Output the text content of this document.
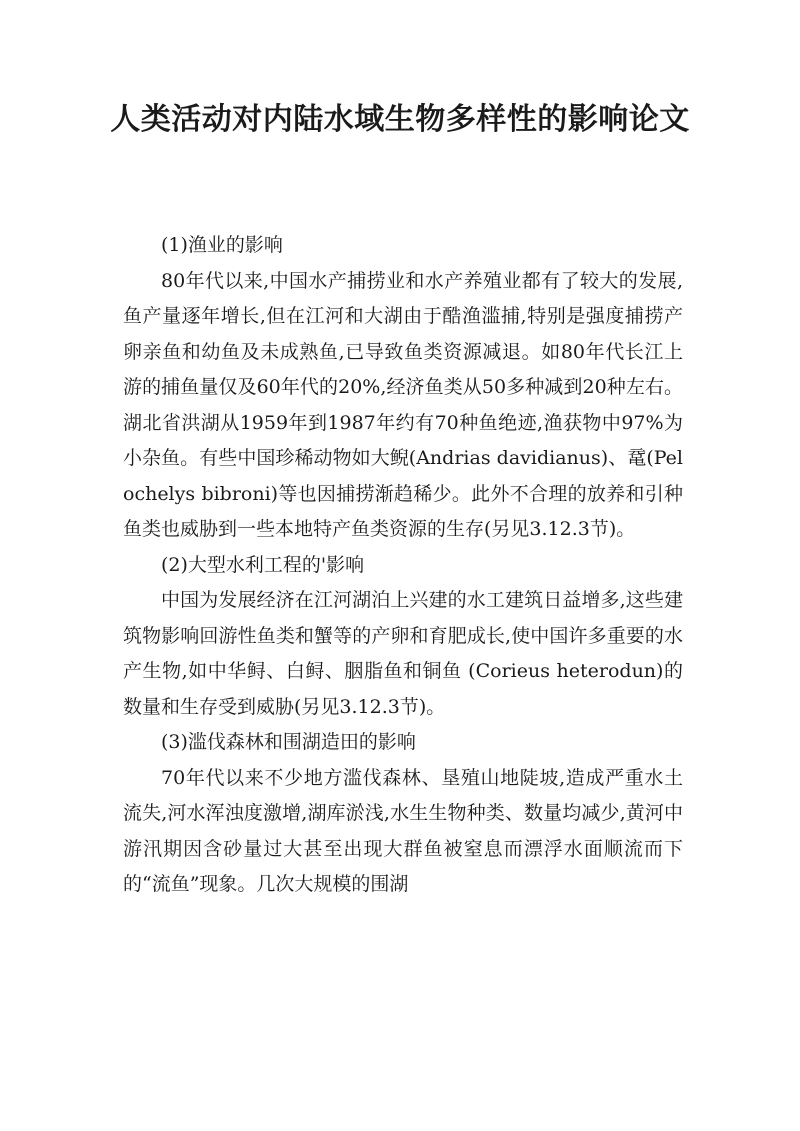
人类活动对内陆水域生物多样性的影响论文

(1)渔业的影响

80年代以来,中国水产捕捞业和水产养殖业都有了较大的发展,鱼产量逐年增长,但在江河和大湖由于酷渔滥捕,特别是强度捕捞产卵亲鱼和幼鱼及未成熟鱼,已导致鱼类资源减退。如80年代长江上游的捕鱼量仅及60年代的20%,经济鱼类从50多种减到20种左右。湖北省洪湖从1959年到1987年约有70种鱼绝迹,渔获物中97%为小杂鱼。有些中国珍稀动物如大鲵(Andrias davidianus)、鼋(Pelochelys bibroni)等也因捕捞渐趋稀少。此外不合理的放养和引种鱼类也威胁到一些本地特产鱼类资源的生存(另见3.12.3节)。

(2)大型水利工程的'影响

中国为发展经济在江河湖泊上兴建的水工建筑日益增多,这些建筑物影响回游性鱼类和蟹等的产卵和育肥成长,使中国许多重要的水产生物,如中华鲟、白鲟、胭脂鱼和铜鱼 (Corieus heterodun)的数量和生存受到威胁(另见3.12.3节)。

(3)滥伐森林和围湖造田的影响

70年代以来不少地方滥伐森林、垦殖山地陡坡,造成严重水土流失,河水浑浊度激增,湖库淤浅,水生生物种类、数量均减少,黄河中游汛期因含砂量过大甚至出现大群鱼被窒息而漂浮水面顺流而下的“流鱼”现象。几次大规模的围湖
